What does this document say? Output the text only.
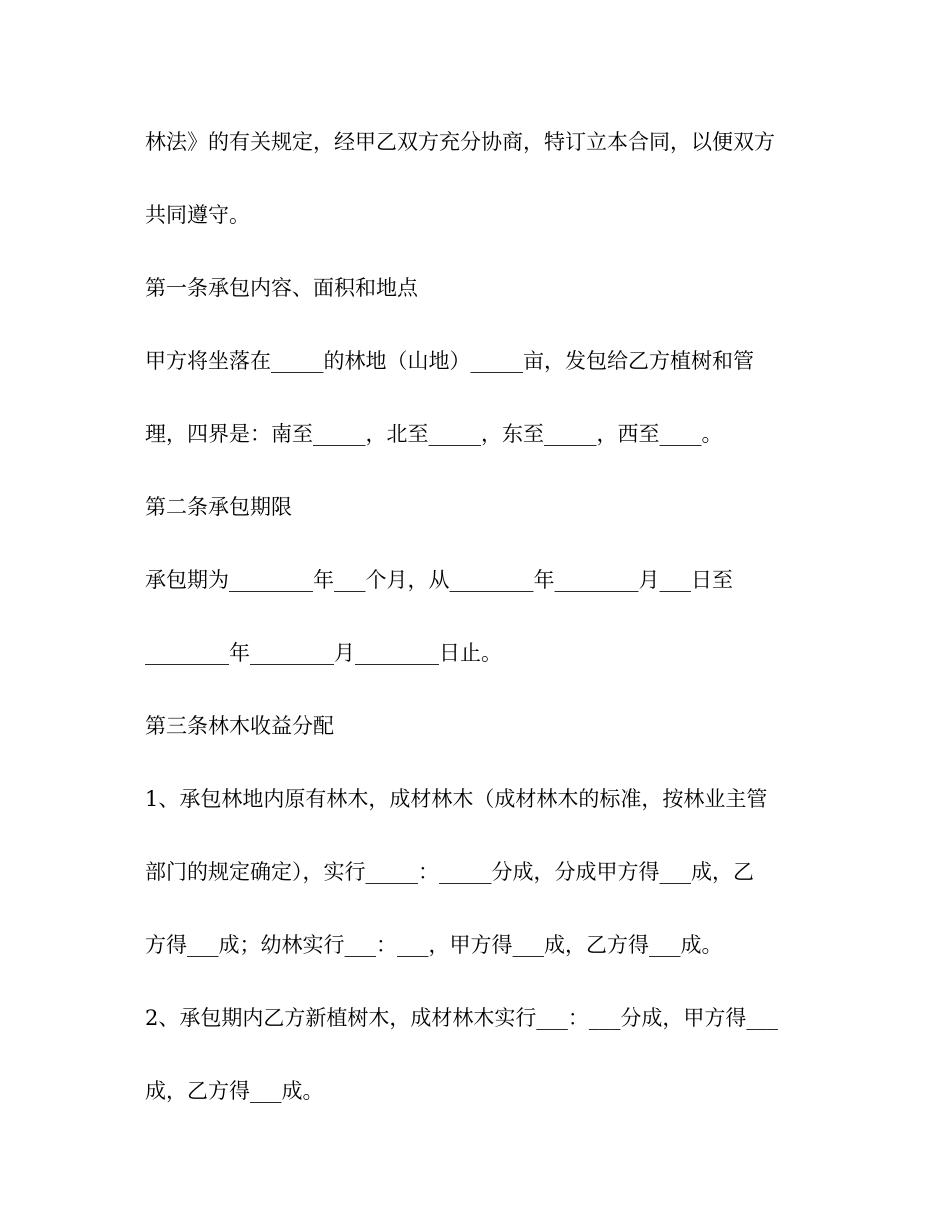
林法》的有关规定，经甲乙双方充分协商，特订立本合同，以便双方
共同遵守。
第一条承包内容、面积和地点
甲方将坐落在_____的林地（山地）_____亩，发包给乙方植树和管
理，四界是：南至_____，北至_____，东至_____，西至____。
第二条承包期限
承包期为________年___个月，从________年________月___日至
________年________月________日止。
第三条林木收益分配
1、承包林地内原有林木，成材林木（成材林木的标准，按林业主管
部门的规定确定），实行_____：_____分成，分成甲方得___成，乙
方得___成；幼林实行___：___，甲方得___成，乙方得___成。
2、承包期内乙方新植树木，成材林木实行___：___分成，甲方得___
成，乙方得___成。
